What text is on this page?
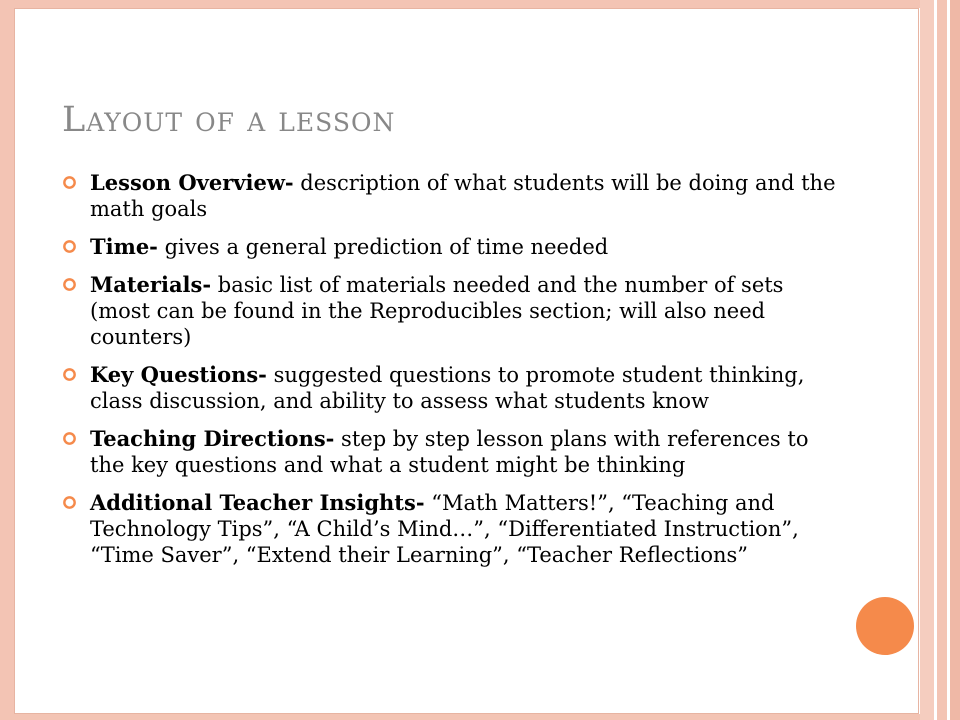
Layout of a lesson
Lesson Overview- description of what students will be doing and the math goals
Time- gives a general prediction of time needed
Materials- basic list of materials needed and the number of sets (most can be found in the Reproducibles section; will also need counters)
Key Questions- suggested questions to promote student thinking, class discussion, and ability to assess what students know
Teaching Directions- step by step lesson plans with references to the key questions and what a student might be thinking
Additional Teacher Insights- “Math Matters!”, “Teaching and Technology Tips”, “A Child’s Mind…”, “Differentiated Instruction”, “Time Saver”, “Extend their Learning”, “Teacher Reflections”
